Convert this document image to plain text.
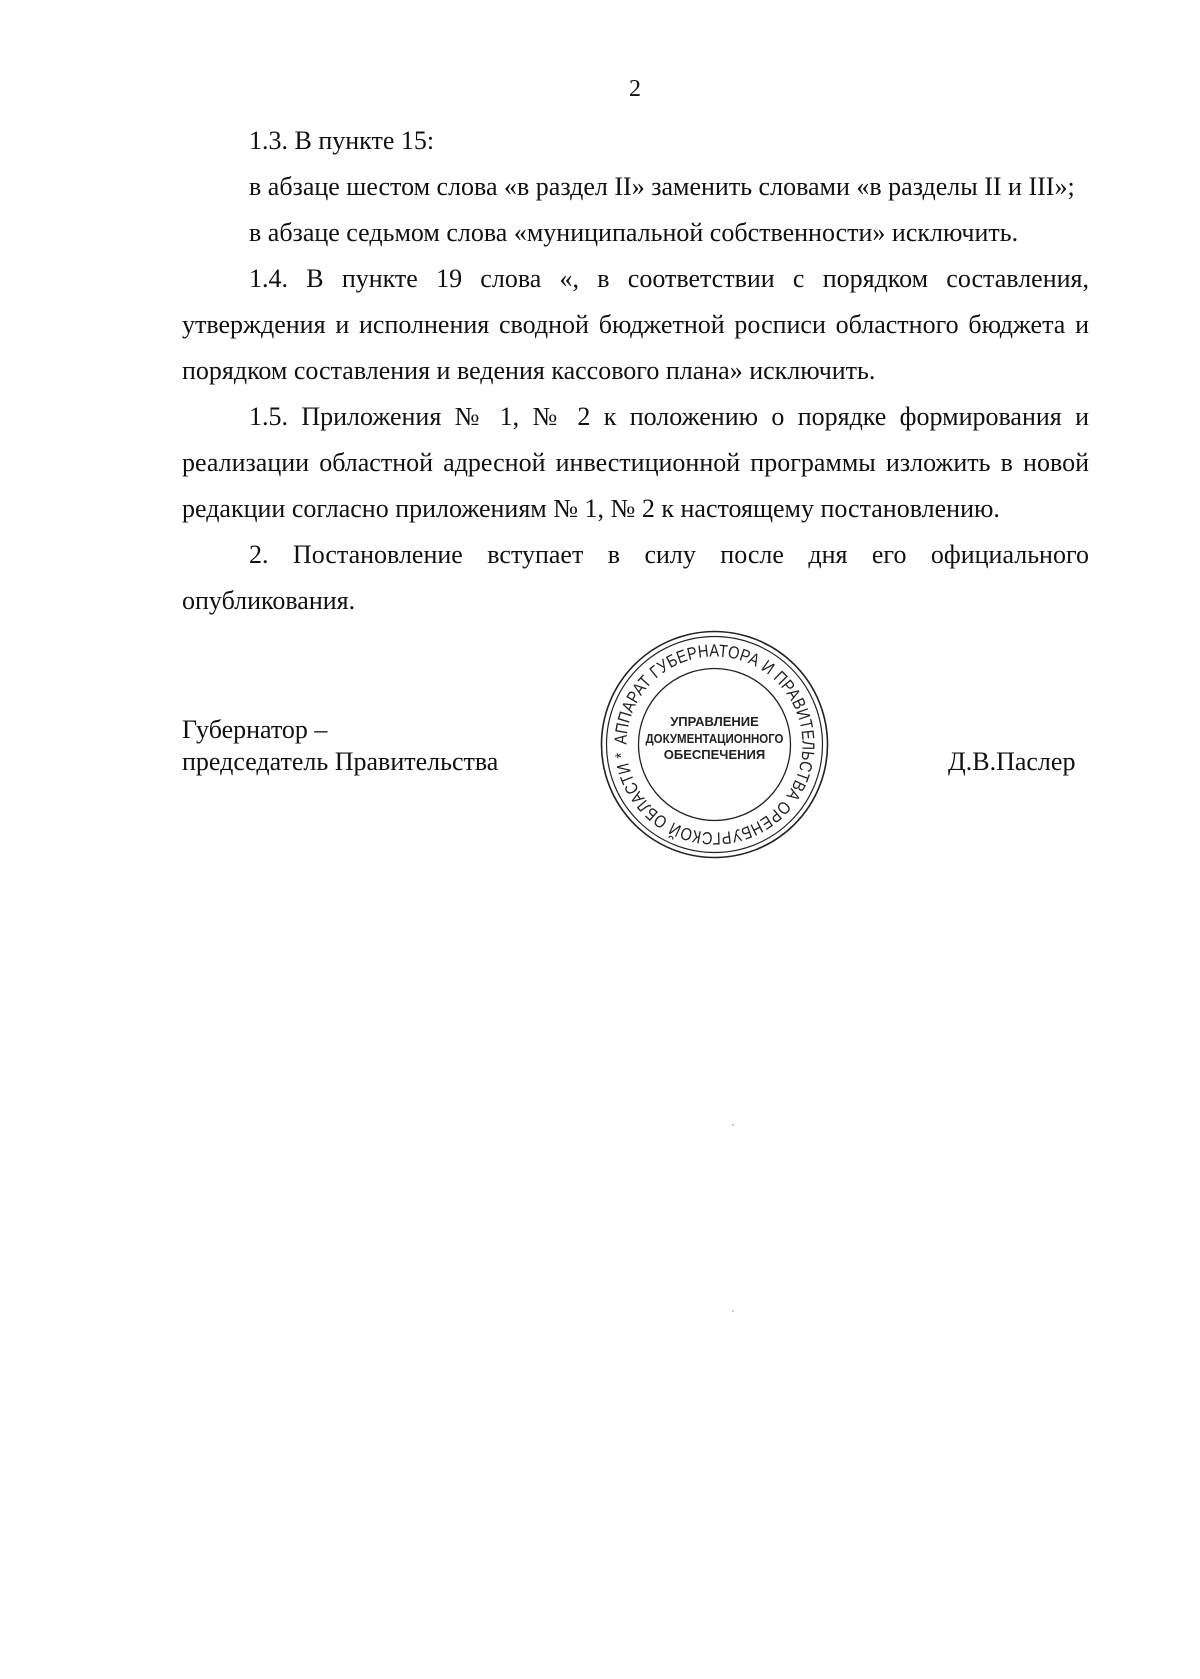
2

1.3. В пункте 15:

в абзаце шестом слова «в раздел II» заменить словами «в разделы II и III»;

в абзаце седьмом слова «муниципальной собственности» исключить.

1.4. В пункте 19 слова «, в соответствии с порядком составления, утверждения и исполнения сводной бюджетной росписи областного бюджета и порядком составления и ведения кассового плана» исключить.

1.5. Приложения № 1, № 2 к положению о порядке формирования и реализации областной адресной инвестиционной программы изложить в новой редакции согласно приложениям № 1, № 2 к настоящему постановлению.

2. Постановление вступает в силу после дня его официального опубликования.

Губернатор –
председатель Правительства
АППАРАТ ГУБЕРНАТОРА И ПРАВИТЕЛЬСТВА ОРЕНБУРГСКОЙ ОБЛАСТИ *
УПРАВЛЕНИЕ
ДОКУМЕНТАЦИОННОГО
ОБЕСПЕЧЕНИЯ	Д.В.Паслер
